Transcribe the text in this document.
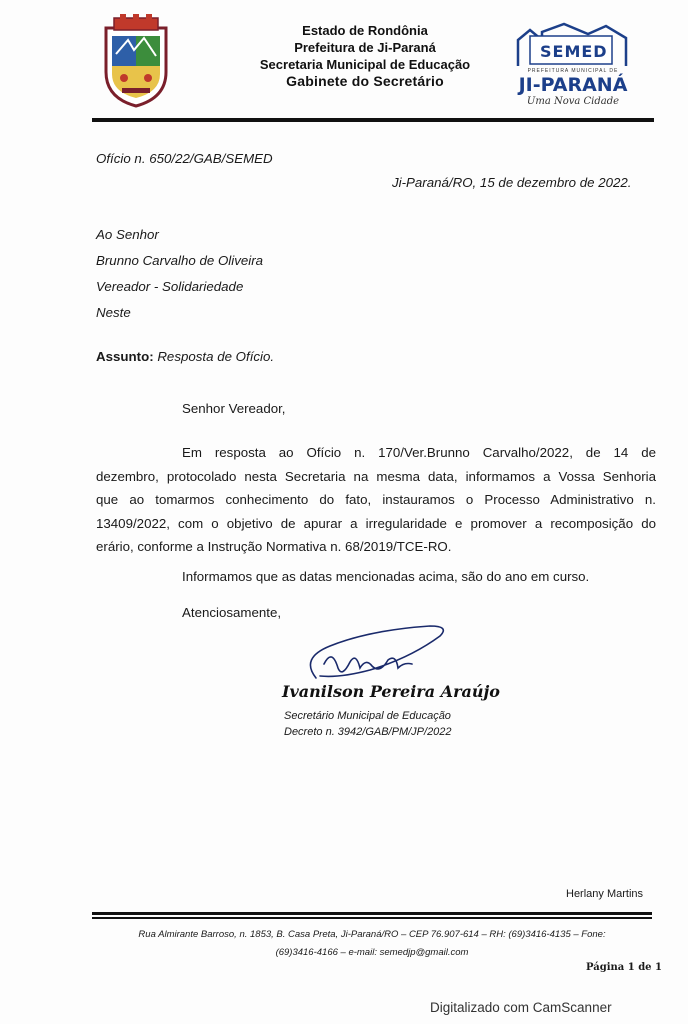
Estado de Rondônia
Prefeitura de Ji-Paraná
Secretaria Municipal de Educação
Gabinete do Secretário
SEMED
PREFEITURA MUNICIPAL DE
JI-PARANÁ
Uma Nova Cidade
Ofício n. 650/22/GAB/SEMED
Ji-Paraná/RO, 15 de dezembro de 2022.
Ao Senhor
Brunno Carvalho de Oliveira
Vereador - Solidariedade
Neste
Assunto: Resposta de Ofício.
Senhor Vereador,
Em resposta ao Ofício n. 170/Ver.Brunno Carvalho/2022, de 14 de
dezembro, protocolado nesta Secretaria na mesma data, informamos a Vossa Senhoria
que ao tomarmos conhecimento do fato, instauramos o Processo Administrativo n.
13409/2022, com o objetivo de apurar a irregularidade e promover a recomposição do
erário, conforme a Instrução Normativa n. 68/2019/TCE-RO.
Informamos que as datas mencionadas acima, são do ano em curso.
Atenciosamente,
Ivanilson Pereira Araújo
Secretário Municipal de Educação
Decreto n. 3942/GAB/PM/JP/2022
Herlany Martins
Rua Almirante Barroso, n. 1853, B. Casa Preta, Ji-Paraná/RO – CEP 76.907-614 – RH: (69)3416-4135 – Fone:
(69)3416-4166 – e-mail: semedjp@gmail.com
Página 1 de 1
Digitalizado com CamScanner
